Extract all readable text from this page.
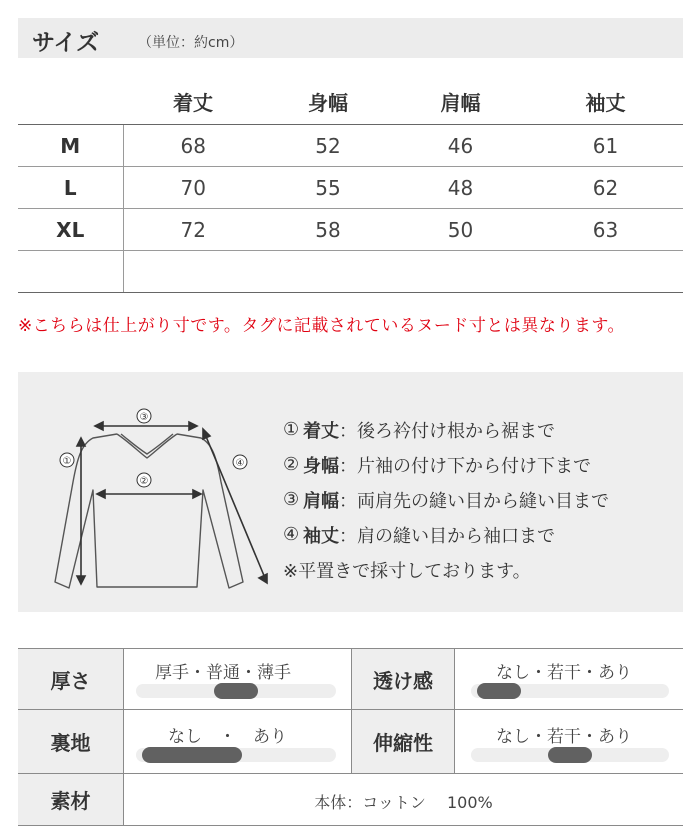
サイズ	（単位：約cm）
	着丈	身幅	肩幅	袖丈
M	68	52	46	61
L	70	55	48	62
XL	72	58	50	63

※こちらは仕上がり寸です。タグに記載されているヌード寸とは異なります。
③
②
①	④
① 着丈 ：後ろ衿付け根から裾まで
② 身幅 ：片袖の付け下から付け下まで
③ 肩幅 ：両肩先の縫い目から縫い目まで
④ 袖丈 ：肩の縫い目から袖口まで
※平置きで採寸しております。
厚さ	厚手・普通・薄手	透け感	なし・若干・あり
裏地	なし　・　あり	伸縮性	なし・若干・あり
素材	本体：コットン　 100%
